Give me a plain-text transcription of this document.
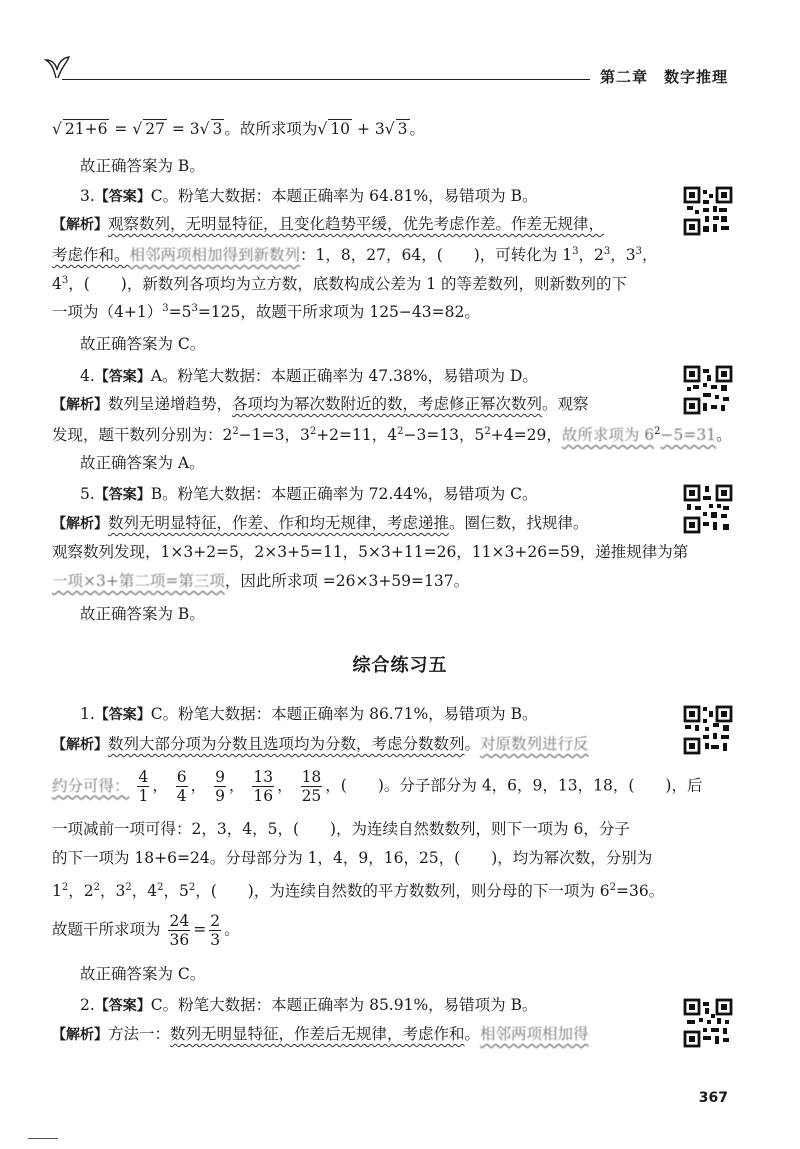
第二章　数字推理
√ 21+6 = √ 27 = 3√ 3 。故所求项为√ 10 + 3√ 3 。
故正确答案为 B。
3.【答案】C。粉笔大数据：本题正确率为 64.81%，易错项为 B。
【解析】观察数列，无明显特征，且变化趋势平缓，优先考虑作差。作差无规律，
考虑作和。相邻两项相加得到新数列：1，8，27，64，(　　)，可转化为 $1^3$，$2^3$，$3^3$，
$4^3$，(　　)，新数列各项均为立方数，底数构成公差为 1 的等差数列，则新数列的下
一项为$(4+1)^3=5^3=125$，故题干所求项为 125−43=82。
故正确答案为 C。
4.【答案】A。粉笔大数据：本题正确率为 47.38%，易错项为 D。
【解析】数列呈递增趋势，各项均为幂次数附近的数，考虑修正幂次数列。观察
发现，题干数列分别为：$2^2-1=3$，$3^2+2=11$，$4^2-3=13$，$5^2+4=29$，故所求项为 $6^2-5=31$。
故正确答案为 A。
5.【答案】B。粉笔大数据：本题正确率为 72.44%，易错项为 C。
【解析】数列无明显特征，作差、作和均无规律，考虑递推。圈仨数，找规律。
观察数列发现，1×3+2=5，2×3+5=11，5×3+11=26，11×3+26=59，递推规律为第
一项×3+第二项=第三项，因此所求项 =26×3+59=137。
故正确答案为 B。
综合练习五
1.【答案】C。粉笔大数据：本题正确率为 86.71%，易错项为 B。
【解析】数列大部分项为分数且选项均为分数，考虑分数数列。对原数列进行反
约分可得： $\frac{4}{1}$ ， $\frac{6}{4}$ ， $\frac{9}{9}$ ， $\frac{13}{16}$ ， $\frac{18}{25}$ ，(　　)。分子部分为 4，6，9，13，18，(　　)，后
一项减前一项可得：2，3，4，5，(　　)，为连续自然数数列，则下一项为 6，分子
的下一项为 18+6=24。分母部分为 1，4，9，16，25，(　　)，均为幂次数，分别为
$1^2$，$2^2$，$3^2$，$4^2$，$5^2$，(　　)，为连续自然数的平方数数列，则分母的下一项为 $6^2=36$。
故题干所求项为 $\frac{24}{36} = \frac{2}{3}$ 。
故正确答案为 C。
2.【答案】C。粉笔大数据：本题正确率为 85.91%，易错项为 B。
【解析】方法一：数列无明显特征，作差后无规律，考虑作和。相邻两项相加得
367
